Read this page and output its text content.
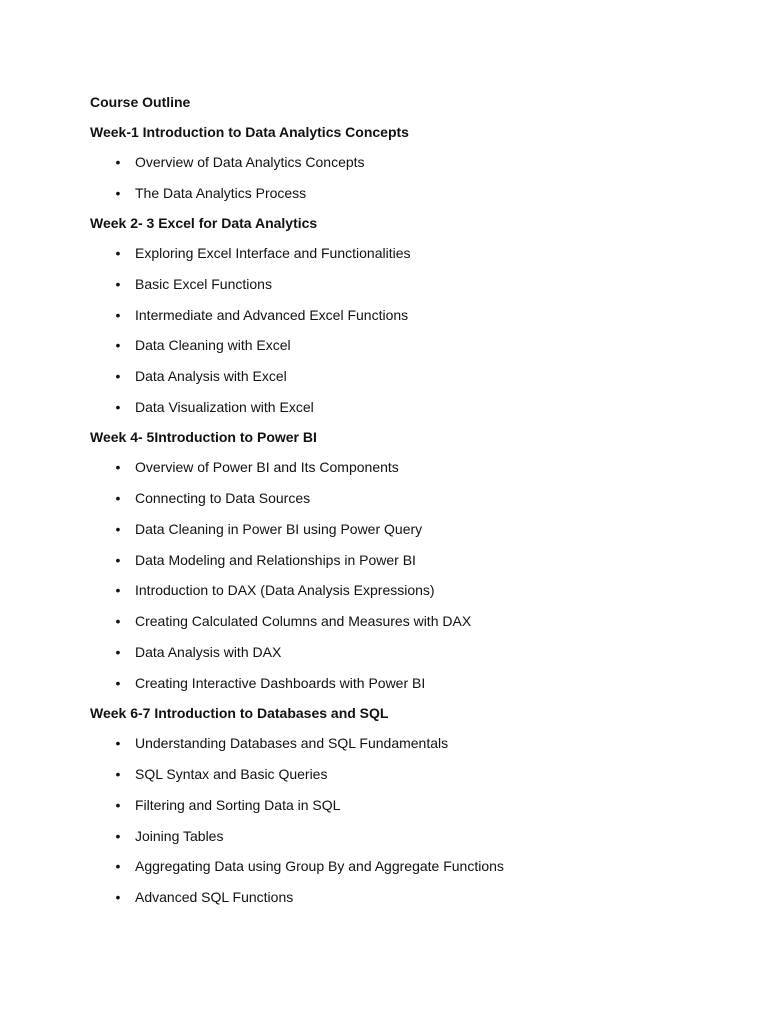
Course Outline

Week-1 Introduction to Data Analytics Concepts

• Overview of Data Analytics Concepts
• The Data Analytics Process

Week 2- 3 Excel for Data Analytics

• Exploring Excel Interface and Functionalities
• Basic Excel Functions
• Intermediate and Advanced Excel Functions
• Data Cleaning with Excel
• Data Analysis with Excel
• Data Visualization with Excel

Week 4- 5Introduction to Power BI

• Overview of Power BI and Its Components
• Connecting to Data Sources
• Data Cleaning in Power BI using Power Query
• Data Modeling and Relationships in Power BI
• Introduction to DAX (Data Analysis Expressions)
• Creating Calculated Columns and Measures with DAX
• Data Analysis with DAX
• Creating Interactive Dashboards with Power BI

Week 6-7 Introduction to Databases and SQL

• Understanding Databases and SQL Fundamentals
• SQL Syntax and Basic Queries
• Filtering and Sorting Data in SQL
• Joining Tables
• Aggregating Data using Group By and Aggregate Functions
• Advanced SQL Functions
